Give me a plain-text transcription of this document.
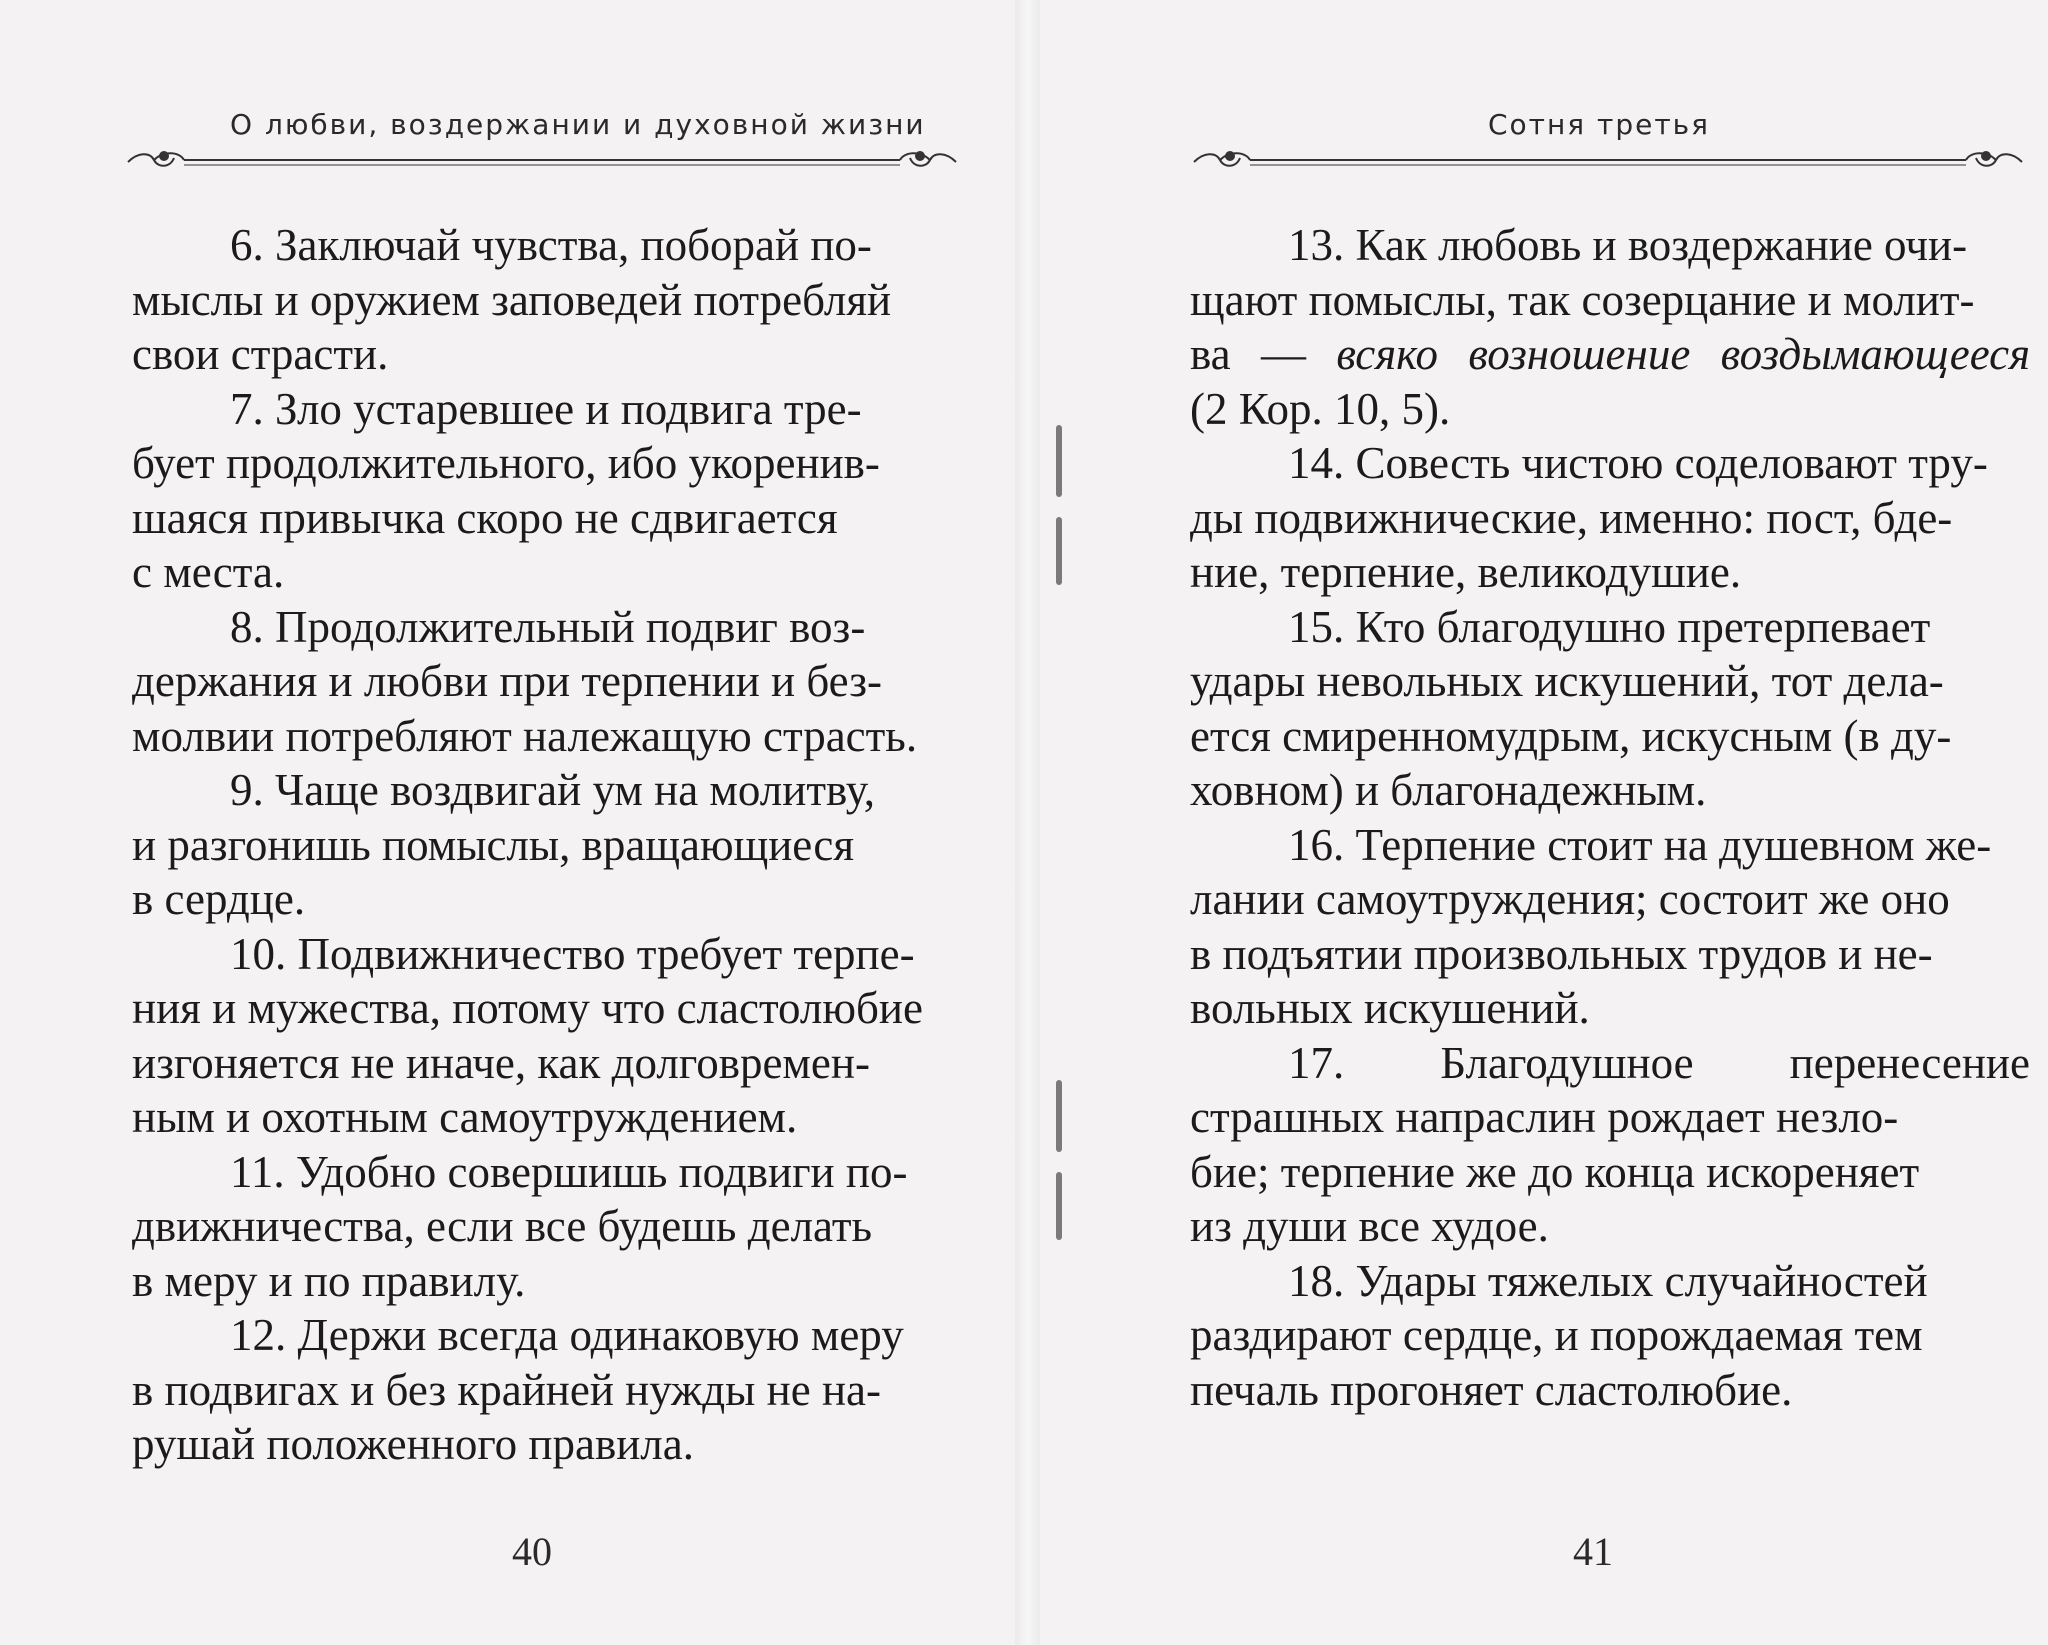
О любви, воздержании и духовной жизни
6. Заключай чувства, поборай по-
мыслы и оружием заповедей потребляй
свои страсти.
7. Зло устаревшее и подвига тре-
бует продолжительного, ибо укоренив-
шаяся привычка скоро не сдвигается
с места.
8. Продолжительный подвиг воз-
держания и любви при терпении и без-
молвии потребляют належащую страсть.
9. Чаще воздвигай ум на молитву,
и разгонишь помыслы, вращающиеся
в сердце.
10. Подвижничество требует терпе-
ния и мужества, потому что сластолюбие
изгоняется не иначе, как долговремен-
ным и охотным самоутруждением.
11. Удобно совершишь подвиги по-
движничества, если все будешь делать
в меру и по правилу.
12. Держи всегда одинаковую меру
в подвигах и без крайней нужды не на-
рушай положенного правила.
40
Сотня третья
13. Как любовь и воздержание очи-
щают помыслы, так созерцание и молит-
ва — всяко возношение воздымающееся
(2 Кор. 10, 5).
14. Совесть чистою соделовают тру-
ды подвижнические, именно: пост, бде-
ние, терпение, великодушие.
15. Кто благодушно претерпевает
удары невольных искушений, тот дела-
ется смиренномудрым, искусным (в ду-
ховном) и благонадежным.
16. Терпение стоит на душевном же-
лании самоутруждения; состоит же оно
в подъятии произвольных трудов и не-
вольных искушений.
17. Благодушное перенесение
страшных напраслин рождает незло-
бие; терпение же до конца искореняет
из души все худое.
18. Удары тяжелых случайностей
раздирают сердце, и порождаемая тем
печаль прогоняет сластолюбие.
41
